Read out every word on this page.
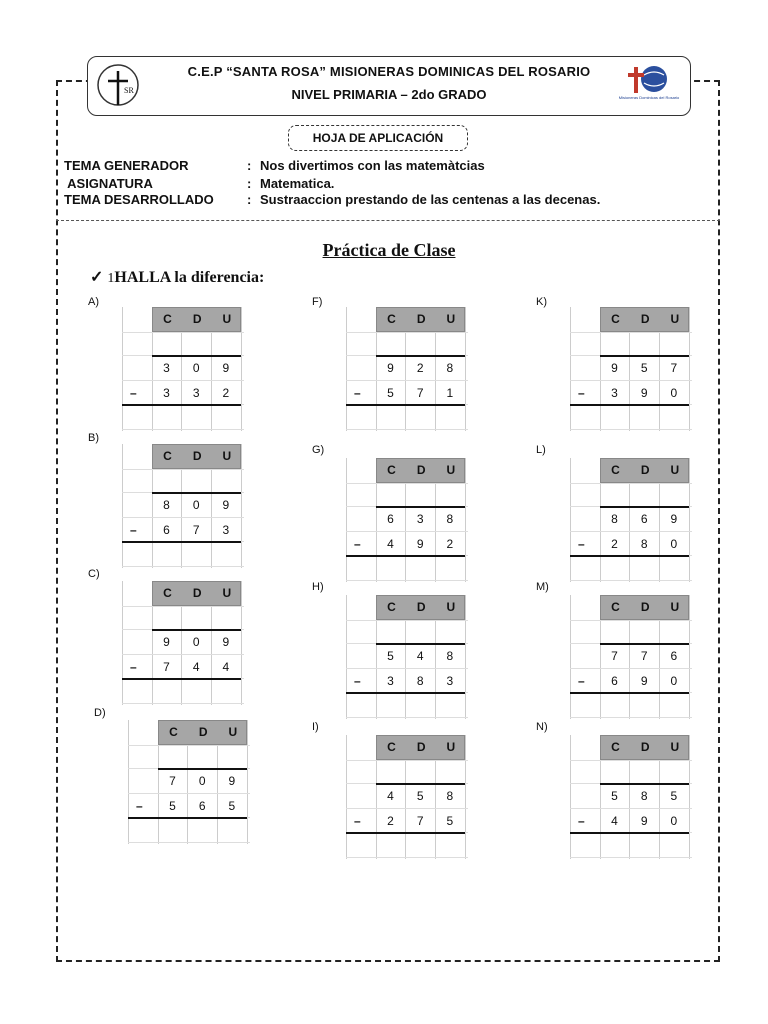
SR
C.E.P “SANTA ROSA” MISIONERAS DOMINICAS DEL ROSARIO
NIVEL PRIMARIA – 2do GRADO	Misioneras Dominicas del Rosario
HOJA DE APLICACIÓN
TEMA GENERADOR	: Nos divertimos con las matemàtcias
ASIGNATURA	: Matematica.
TEMA DESARROLLADO	: Sustraaccion prestando de las centenas a las decenas.
Práctica de Clase
✓ 1HALLA la diferencia:
A)
C	D	U
3	0	9
–	3	3	2
B)
C	D	U
8	0	9
–	6	7	3
C)
C	D	U
9	0	9
–	7	4	4
D)
C	D	U
7	0	9
–	5	6	5
F)
C	D	U
9	2	8
–	5	7	1
G)
C	D	U
6	3	8
–	4	9	2
H)
C	D	U
5	4	8
–	3	8	3
I)
C	D	U
4	5	8
–	2	7	5
K)
C	D	U
9	5	7
–	3	9	0
L)
C	D	U
8	6	9
–	2	8	0
M)
C	D	U
7	7	6
–	6	9	0
N)
C	D	U
5	8	5
–	4	9	0
